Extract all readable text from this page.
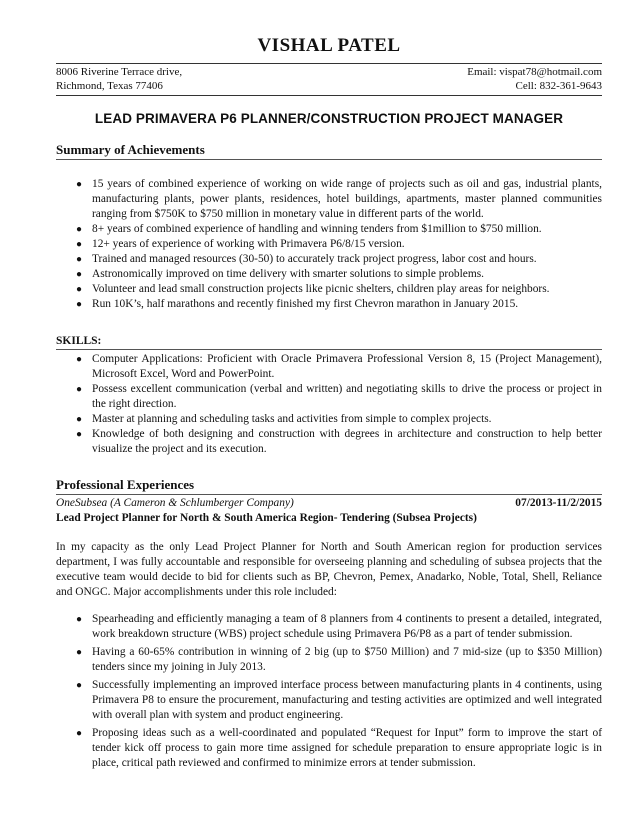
VISHAL PATEL
8006 Riverine Terrace drive,	Email: vispat78@hotmail.com
Richmond, Texas 77406	Cell: 832-361-9643
LEAD PRIMAVERA P6 PLANNER/CONSTRUCTION PROJECT MANAGER
Summary of Achievements
● 15 years of combined experience of working on wide range of projects such as oil and gas, industrial plants, manufacturing plants, power plants, residences, hotel buildings, apartments, master planned communities ranging from $750K to $750 million in monetary value in different parts of the world.
● 8+ years of combined experience of handling and winning tenders from $1million to $750 million.
● 12+ years of experience of working with Primavera P6/8/15 version.
● Trained and managed resources (30-50) to accurately track project progress, labor cost and hours.
● Astronomically improved on time delivery with smarter solutions to simple problems.
● Volunteer and lead small construction projects like picnic shelters, children play areas for neighbors.
● Run 10K’s, half marathons and recently finished my first Chevron marathon in January 2015.
SKILLS:
● Computer Applications: Proficient with Oracle Primavera Professional Version 8, 15 (Project Management), Microsoft Excel, Word and PowerPoint.
● Possess excellent communication (verbal and written) and negotiating skills to drive the process or project in the right direction.
● Master at planning and scheduling tasks and activities from simple to complex projects.
● Knowledge of both designing and construction with degrees in architecture and construction to help better visualize the project and its execution.
Professional Experiences
OneSubsea (A Cameron & Schlumberger Company)	07/2013-11/2/2015
Lead Project Planner for North & South America Region- Tendering (Subsea Projects)
In my capacity as the only Lead Project Planner for North and South American region for production services department, I was fully accountable and responsible for overseeing planning and scheduling of subsea projects that the executive team would decide to bid for clients such as BP, Chevron, Pemex, Anadarko, Noble, Total, Shell, Reliance and ONGC. Major accomplishments under this role included:
● Spearheading and efficiently managing a team of 8 planners from 4 continents to present a detailed, integrated, work breakdown structure (WBS) project schedule using Primavera P6/P8 as a part of tender submission.
● Having a 60-65% contribution in winning of 2 big (up to $750 Million) and 7 mid-size (up to $350 Million) tenders since my joining in July 2013.
● Successfully implementing an improved interface process between manufacturing plants in 4 continents, using Primavera P8 to ensure the procurement, manufacturing and testing activities are optimized and well integrated with overall plan with system and product engineering.
● Proposing ideas such as a well-coordinated and populated “Request for Input” form to improve the start of tender kick off process to gain more time assigned for schedule preparation to ensure appropriate logic is in place, critical path reviewed and confirmed to minimize errors at tender submission.
